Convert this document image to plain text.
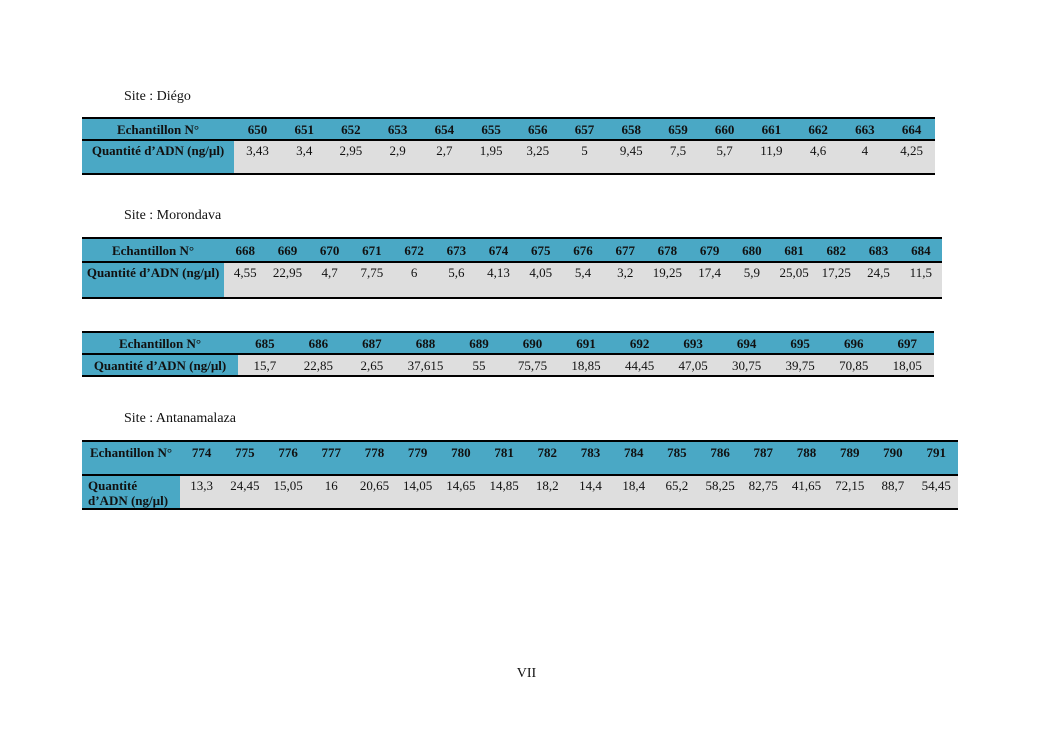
Site : Diégo
Echantillon N°	650	651	652	653	654	655	656	657	658	659	660	661	662	663	664
Quantité d’ADN (ng/µl)	3,43	3,4	2,95	2,9	2,7	1,95	3,25	5	9,45	7,5	5,7	11,9	4,6	4	4,25
Site : Morondava
Echantillon N°	668	669	670	671	672	673	674	675	676	677	678	679	680	681	682	683	684
Quantité d’ADN (ng/µl)	4,55	22,95	4,7	7,75	6	5,6	4,13	4,05	5,4	3,2	19,25	17,4	5,9	25,05	17,25	24,5	11,5
Echantillon N°	685	686	687	688	689	690	691	692	693	694	695	696	697
Quantité d’ADN (ng/µl)	15,7	22,85	2,65	37,615	55	75,75	18,85	44,45	47,05	30,75	39,75	70,85	18,05
Site : Antanamalaza
Echantillon N°	774	775	776	777	778	779	780	781	782	783	784	785	786	787	788	789	790	791
Quantité d’ADN (ng/µl)	13,3	24,45	15,05	16	20,65	14,05	14,65	14,85	18,2	14,4	18,4	65,2	58,25	82,75	41,65	72,15	88,7	54,45
VII
